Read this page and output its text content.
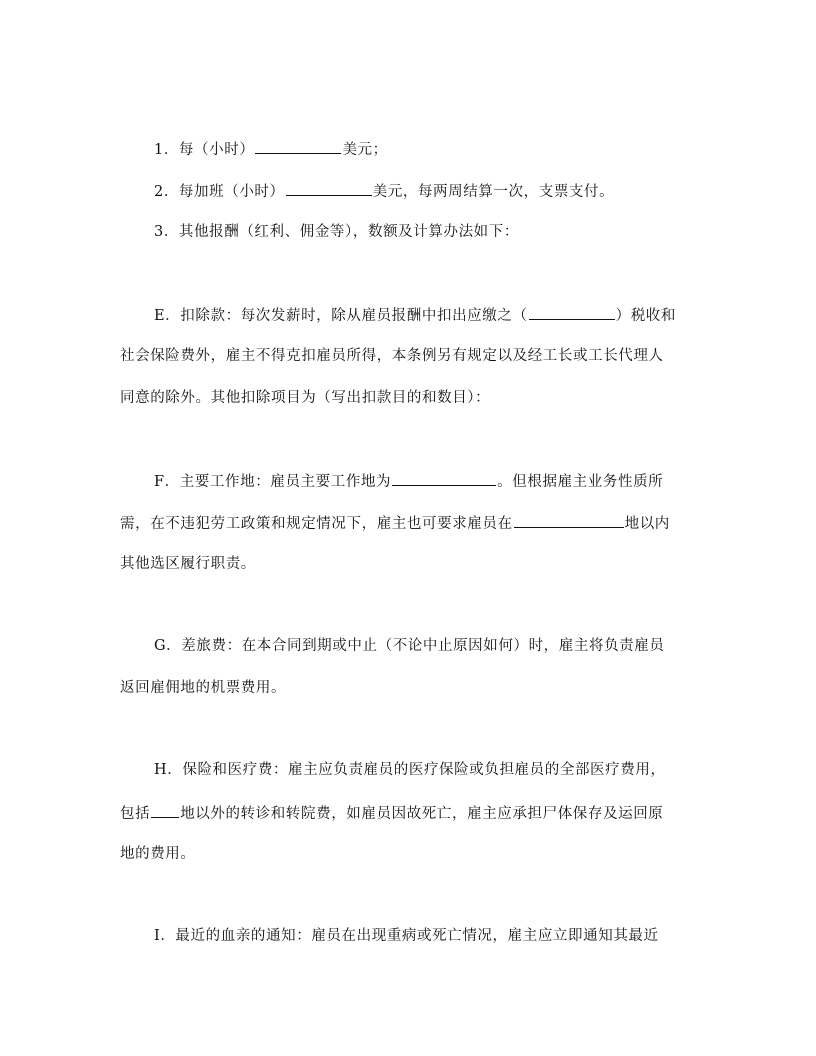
1．每（小时）	美元；
2．每加班（小时）	美元，每两周结算一次，支票支付。
3．其他报酬（红利、佣金等），数额及计算办法如下：
E．扣除款：每次发薪时，除从雇员报酬中扣出应缴之（	）税收和
社会保险费外，雇主不得克扣雇员所得，本条例另有规定以及经工长或工长代理人
同意的除外。其他扣除项目为（写出扣款目的和数目）：
F．主要工作地：雇员主要工作地为	。但根据雇主业务性质所
需，在不违犯劳工政策和规定情况下，雇主也可要求雇员在	地以内
其他选区履行职责。
G．差旅费：在本合同到期或中止（不论中止原因如何）时，雇主将负责雇员
返回雇佣地的机票费用。
H．保险和医疗费：雇主应负责雇员的医疗保险或负担雇员的全部医疗费用，
包括 地以外的转诊和转院费，如雇员因故死亡，雇主应承担尸体保存及运回原
地的费用。
I．最近的血亲的通知：雇员在出现重病或死亡情况，雇主应立即通知其最近
